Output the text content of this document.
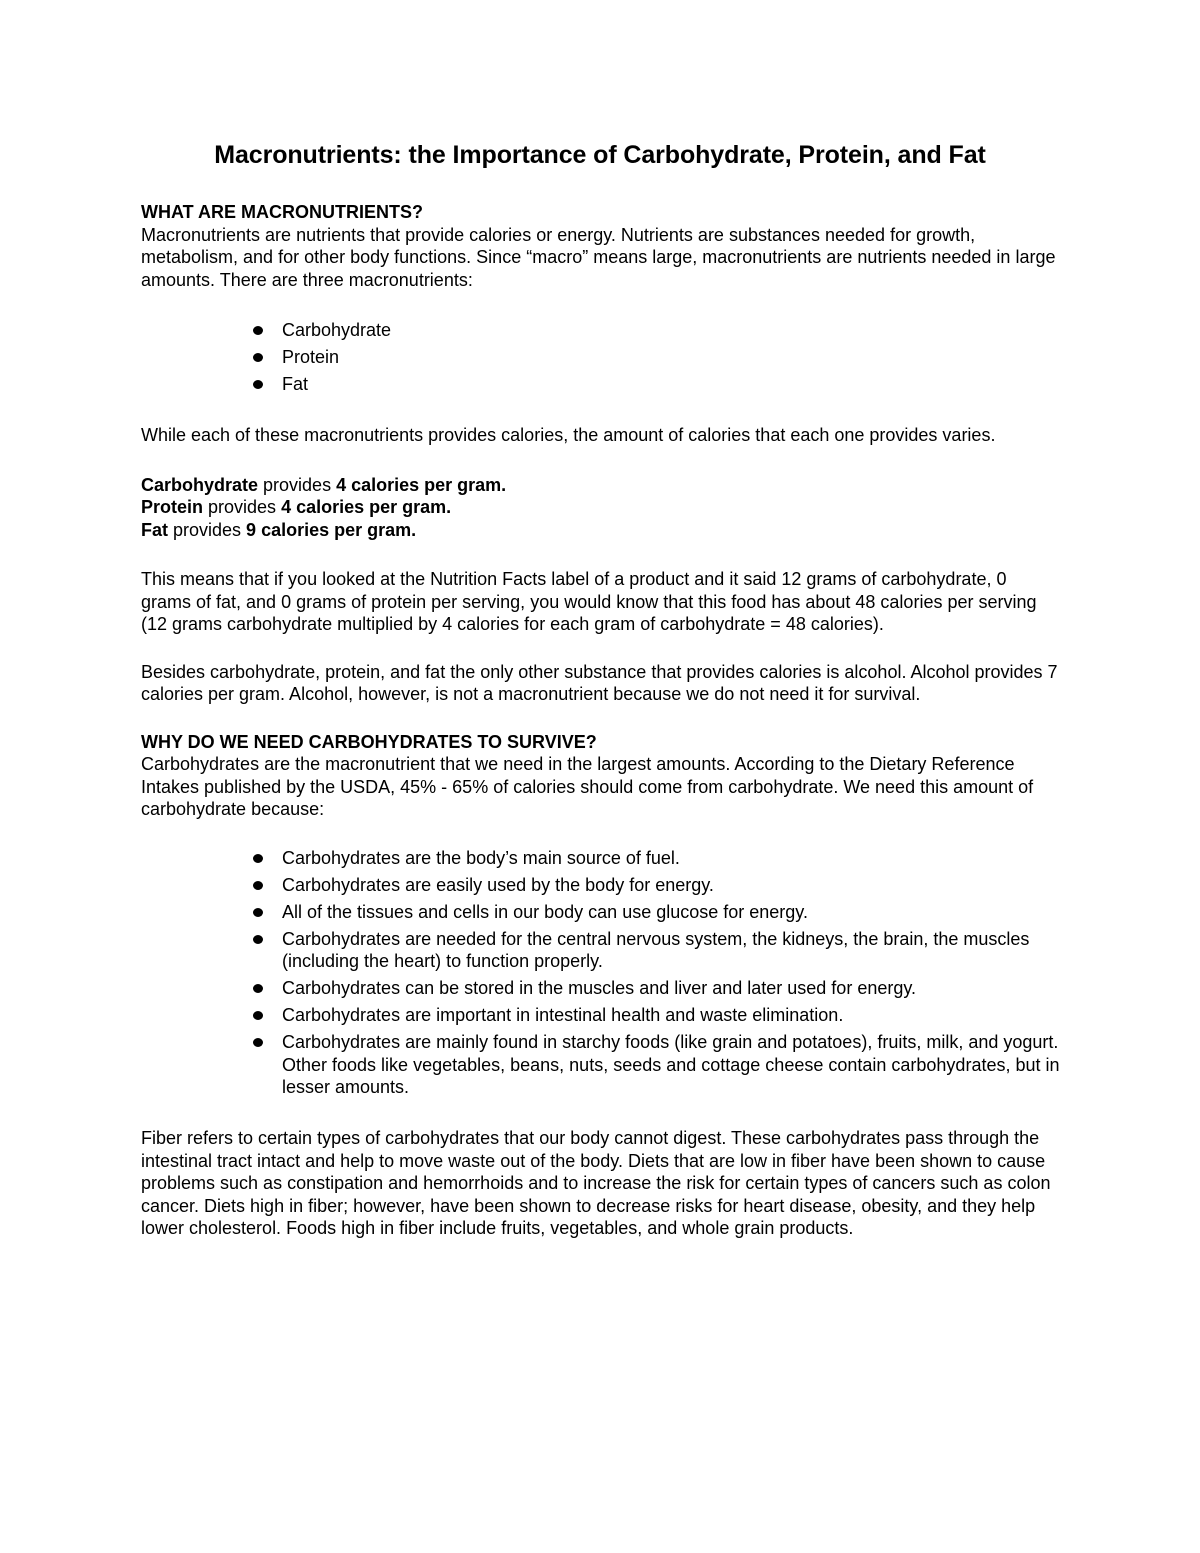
Macronutrients: the Importance of Carbohydrate, Protein, and Fat

WHAT ARE MACRONUTRIENTS?

Macronutrients are nutrients that provide calories or energy. Nutrients are substances needed for growth, metabolism, and for other body functions. Since “macro” means large, macronutrients are nutrients needed in large amounts. There are three macronutrients:

Carbohydrate
Protein
Fat

While each of these macronutrients provides calories, the amount of calories that each one provides varies.

Carbohydrate provides 4 calories per gram.

Protein provides 4 calories per gram.

Fat provides 9 calories per gram.

This means that if you looked at the Nutrition Facts label of a product and it said 12 grams of carbohydrate, 0 grams of fat, and 0 grams of protein per serving, you would know that this food has about 48 calories per serving (12 grams carbohydrate multiplied by 4 calories for each gram of carbohydrate = 48 calories).

Besides carbohydrate, protein, and fat the only other substance that provides calories is alcohol. Alcohol provides 7 calories per gram. Alcohol, however, is not a macronutrient because we do not need it for survival.

WHY DO WE NEED CARBOHYDRATES TO SURVIVE?

Carbohydrates are the macronutrient that we need in the largest amounts. According to the Dietary Reference Intakes published by the USDA, 45% - 65% of calories should come from carbohydrate. We need this amount of carbohydrate because:

Carbohydrates are the body’s main source of fuel.
Carbohydrates are easily used by the body for energy.
All of the tissues and cells in our body can use glucose for energy.
Carbohydrates are needed for the central nervous system, the kidneys, the brain, the muscles (including the heart) to function properly.
Carbohydrates can be stored in the muscles and liver and later used for energy.
Carbohydrates are important in intestinal health and waste elimination.
Carbohydrates are mainly found in starchy foods (like grain and potatoes), fruits, milk, and yogurt. Other foods like vegetables, beans, nuts, seeds and cottage cheese contain carbohydrates, but in lesser amounts.

Fiber refers to certain types of carbohydrates that our body cannot digest. These carbohydrates pass through the intestinal tract intact and help to move waste out of the body. Diets that are low in fiber have been shown to cause problems such as constipation and hemorrhoids and to increase the risk for certain types of cancers such as colon cancer. Diets high in fiber; however, have been shown to decrease risks for heart disease, obesity, and they help lower cholesterol. Foods high in fiber include fruits, vegetables, and whole grain products.
